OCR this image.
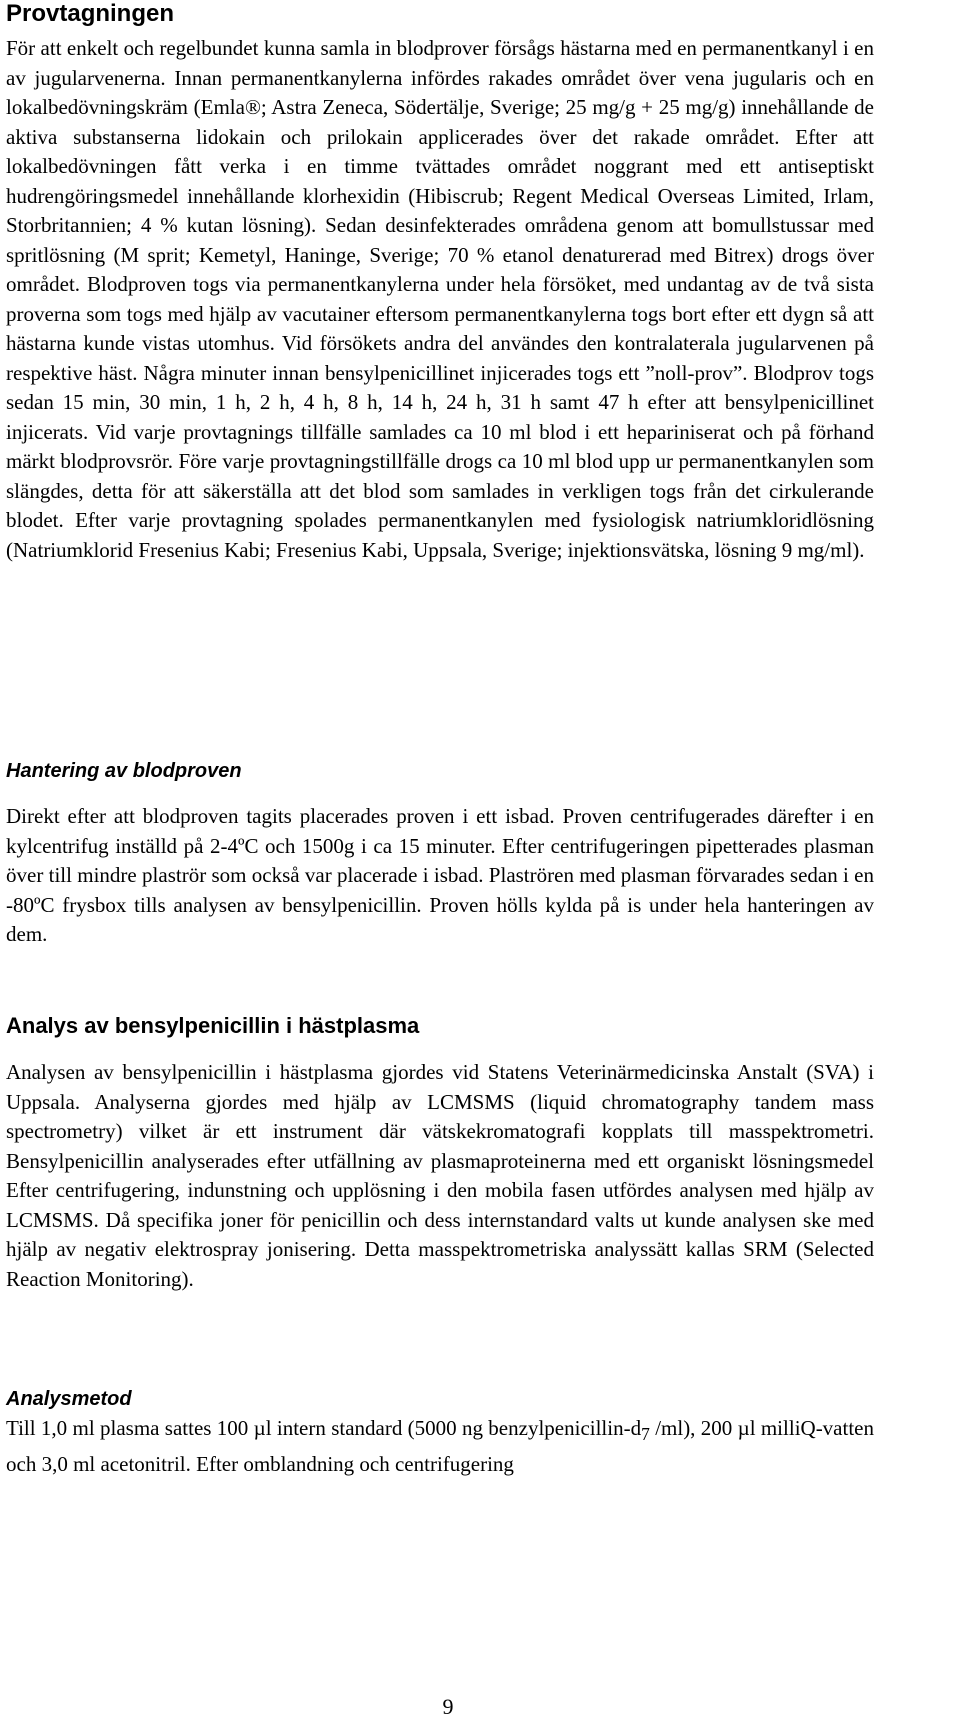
Provtagningen

För att enkelt och regelbundet kunna samla in blodprover försågs hästarna med en permanentkanyl i en av jugularvenerna. Innan permanentkanylerna infördes rakades området över vena jugularis och en lokalbedövningskräm (Emla®; Astra Zeneca, Södertälje, Sverige; 25 mg/g + 25 mg/g) innehållande de aktiva substanserna lidokain och prilokain applicerades över det rakade området. Efter att lokalbedövningen fått verka i en timme tvättades området noggrant med ett antiseptiskt hudrengöringsmedel innehållande klorhexidin (Hibiscrub; Regent Medical Overseas Limited, Irlam, Storbritannien; 4 % kutan lösning). Sedan desinfekterades områdena genom att bomullstussar med spritlösning (M sprit; Kemetyl, Haninge, Sverige; 70 % etanol denaturerad med Bitrex) drogs över området. Blodproven togs via permanentkanylerna under hela försöket, med undantag av de två sista proverna som togs med hjälp av vacutainer eftersom permanentkanylerna togs bort efter ett dygn så att hästarna kunde vistas utomhus. Vid försökets andra del användes den kontralaterala jugularvenen på respektive häst. Några minuter innan bensylpenicillinet injicerades togs ett ”noll-prov”. Blodprov togs sedan 15 min, 30 min, 1 h, 2 h, 4 h, 8 h, 14 h, 24 h, 31 h samt 47 h efter att bensylpenicillinet injicerats. Vid varje provtagnings tillfälle samlades ca 10 ml blod i ett hepariniserat och på förhand märkt blodprovsrör. Före varje provtagningstillfälle drogs ca 10 ml blod upp ur permanentkanylen som slängdes, detta för att säkerställa att det blod som samlades in verkligen togs från det cirkulerande blodet. Efter varje provtagning spolades permanentkanylen med fysiologisk natriumkloridlösning (Natriumklorid Fresenius Kabi; Fresenius Kabi, Uppsala, Sverige; injektionsvätska, lösning 9 mg/ml).

Hantering av blodproven

Direkt efter att blodproven tagits placerades proven i ett isbad. Proven centrifugerades därefter i en kylcentrifug inställd på 2-4ºC och 1500g i ca 15 minuter. Efter centrifugeringen pipetterades plasman över till mindre plaströr som också var placerade i isbad. Plaströren med plasman förvarades sedan i en -80ºC frysbox tills analysen av bensylpenicillin. Proven hölls kylda på is under hela hanteringen av dem.

Analys av bensylpenicillin i hästplasma

Analysen av bensylpenicillin i hästplasma gjordes vid Statens Veterinärmedicinska Anstalt (SVA) i Uppsala. Analyserna gjordes med hjälp av LCMSMS (liquid chromatography tandem mass spectrometry) vilket är ett instrument där vätskekromatografi kopplats till masspektrometri. Bensylpenicillin analyserades efter utfällning av plasmaproteinerna med ett organiskt lösningsmedel Efter centrifugering, indunstning och upplösning i den mobila fasen utfördes analysen med hjälp av LCMSMS. Då specifika joner för penicillin och dess internstandard valts ut kunde analysen ske med hjälp av negativ elektrospray jonisering. Detta masspektrometriska analyssätt kallas SRM (Selected Reaction Monitoring).

Analysmetod

Till 1,0 ml plasma sattes 100 µl intern standard (5000 ng benzylpenicillin-$d_7$ /ml), 200 µl milliQ-vatten och 3,0 ml acetonitril. Efter omblandning och centrifugering

9
